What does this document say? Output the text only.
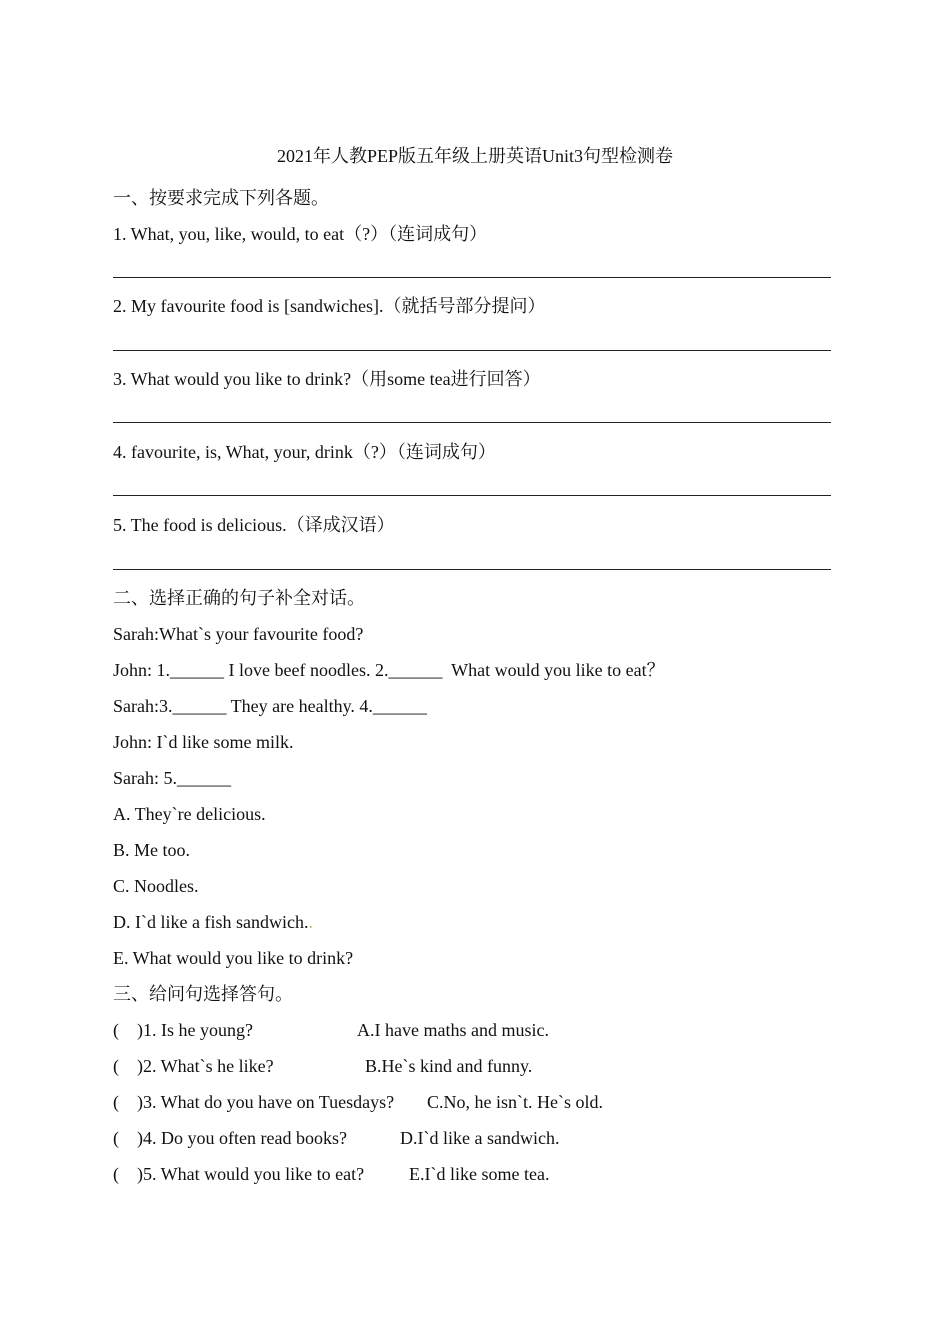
2021年人教PEP版五年级上册英语Unit3句型检测卷
一、按要求完成下列各题。
1. What, you, like, would, to eat（?）（连词成句）
2. My favourite food is [sandwiches].（就括号部分提问）
3. What would you like to drink?（用some tea进行回答）
4. favourite, is, What, your, drink（?）（连词成句）
5. The food is delicious.（译成汉语）
二、选择正确的句子补全对话。
Sarah:What`s your favourite food?
John: 1.______ I love beef noodles. 2.______  What would you like to eat？
Sarah:3.______ They are healthy. 4.______
John: I`d like some milk.
Sarah: 5.______
A. They`re delicious.
B. Me too.
C. Noodles.
D. I`d like a fish sandwich..
E. What would you like to drink?
三、给问句选择答句。
(    )1. Is he young?	A.I have maths and music.
(    )2. What`s he like?	B.He`s kind and funny.
(    )3. What do you have on Tuesdays? C.No, he isn`t. He`s old.
(    )4. Do you often read books?	D.I`d like a sandwich.
(    )5. What would you like to eat? E.I`d like some tea.
